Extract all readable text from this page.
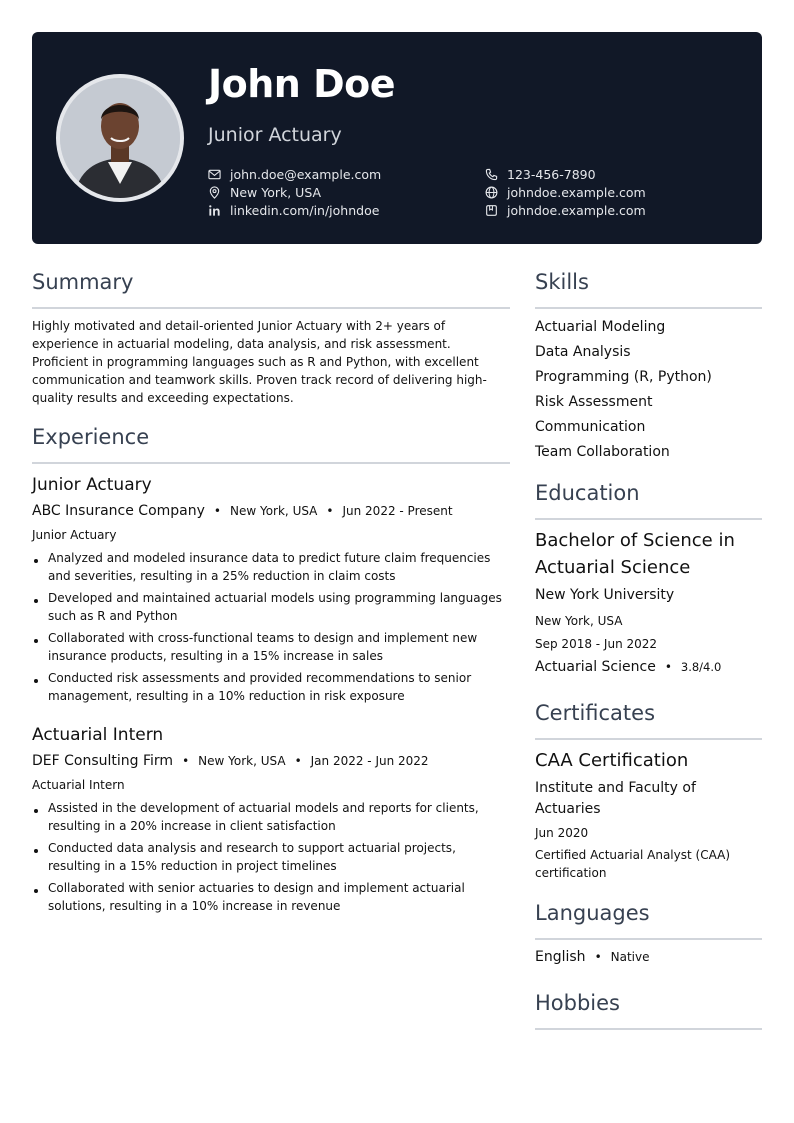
John Doe
Junior Actuary
john.doe@example.com	123-456-7890
New York, USA	johndoe.example.com
linkedin.com/in/johndoe	johndoe.example.com
Summary

Highly motivated and detail-oriented Junior Actuary with 2+ years of experience in actuarial modeling, data analysis, and risk assessment. Proficient in programming languages such as R and Python, with excellent communication and teamwork skills. Proven track record of delivering high-quality results and exceeding expectations.

Experience
Junior Actuary
ABC Insurance Company • New York, USA • Jun 2022 - Present
Junior Actuary
Analyzed and modeled insurance data to predict future claim frequencies and severities, resulting in a 25% reduction in claim costs
Developed and maintained actuarial models using programming languages such as R and Python
Collaborated with cross-functional teams to design and implement new insurance products, resulting in a 15% increase in sales
Conducted risk assessments and provided recommendations to senior management, resulting in a 10% reduction in risk exposure
Actuarial Intern
DEF Consulting Firm • New York, USA • Jan 2022 - Jun 2022
Actuarial Intern
Assisted in the development of actuarial models and reports for clients, resulting in a 20% increase in client satisfaction
Conducted data analysis and research to support actuarial projects, resulting in a 15% reduction in project timelines
Collaborated with senior actuaries to design and implement actuarial solutions, resulting in a 10% increase in revenue
Skills
Actuarial Modeling
Data Analysis
Programming (R, Python)
Risk Assessment
Communication
Team Collaboration
Education
Bachelor of Science in
Actuarial Science
New York University
New York, USA
Sep 2018 - Jun 2022
Actuarial Science • 3.8/4.0
Certificates
CAA Certification
Institute and Faculty of
Actuaries
Jun 2020
Certified Actuarial Analyst (CAA)
certification
Languages
English • Native
Hobbies
